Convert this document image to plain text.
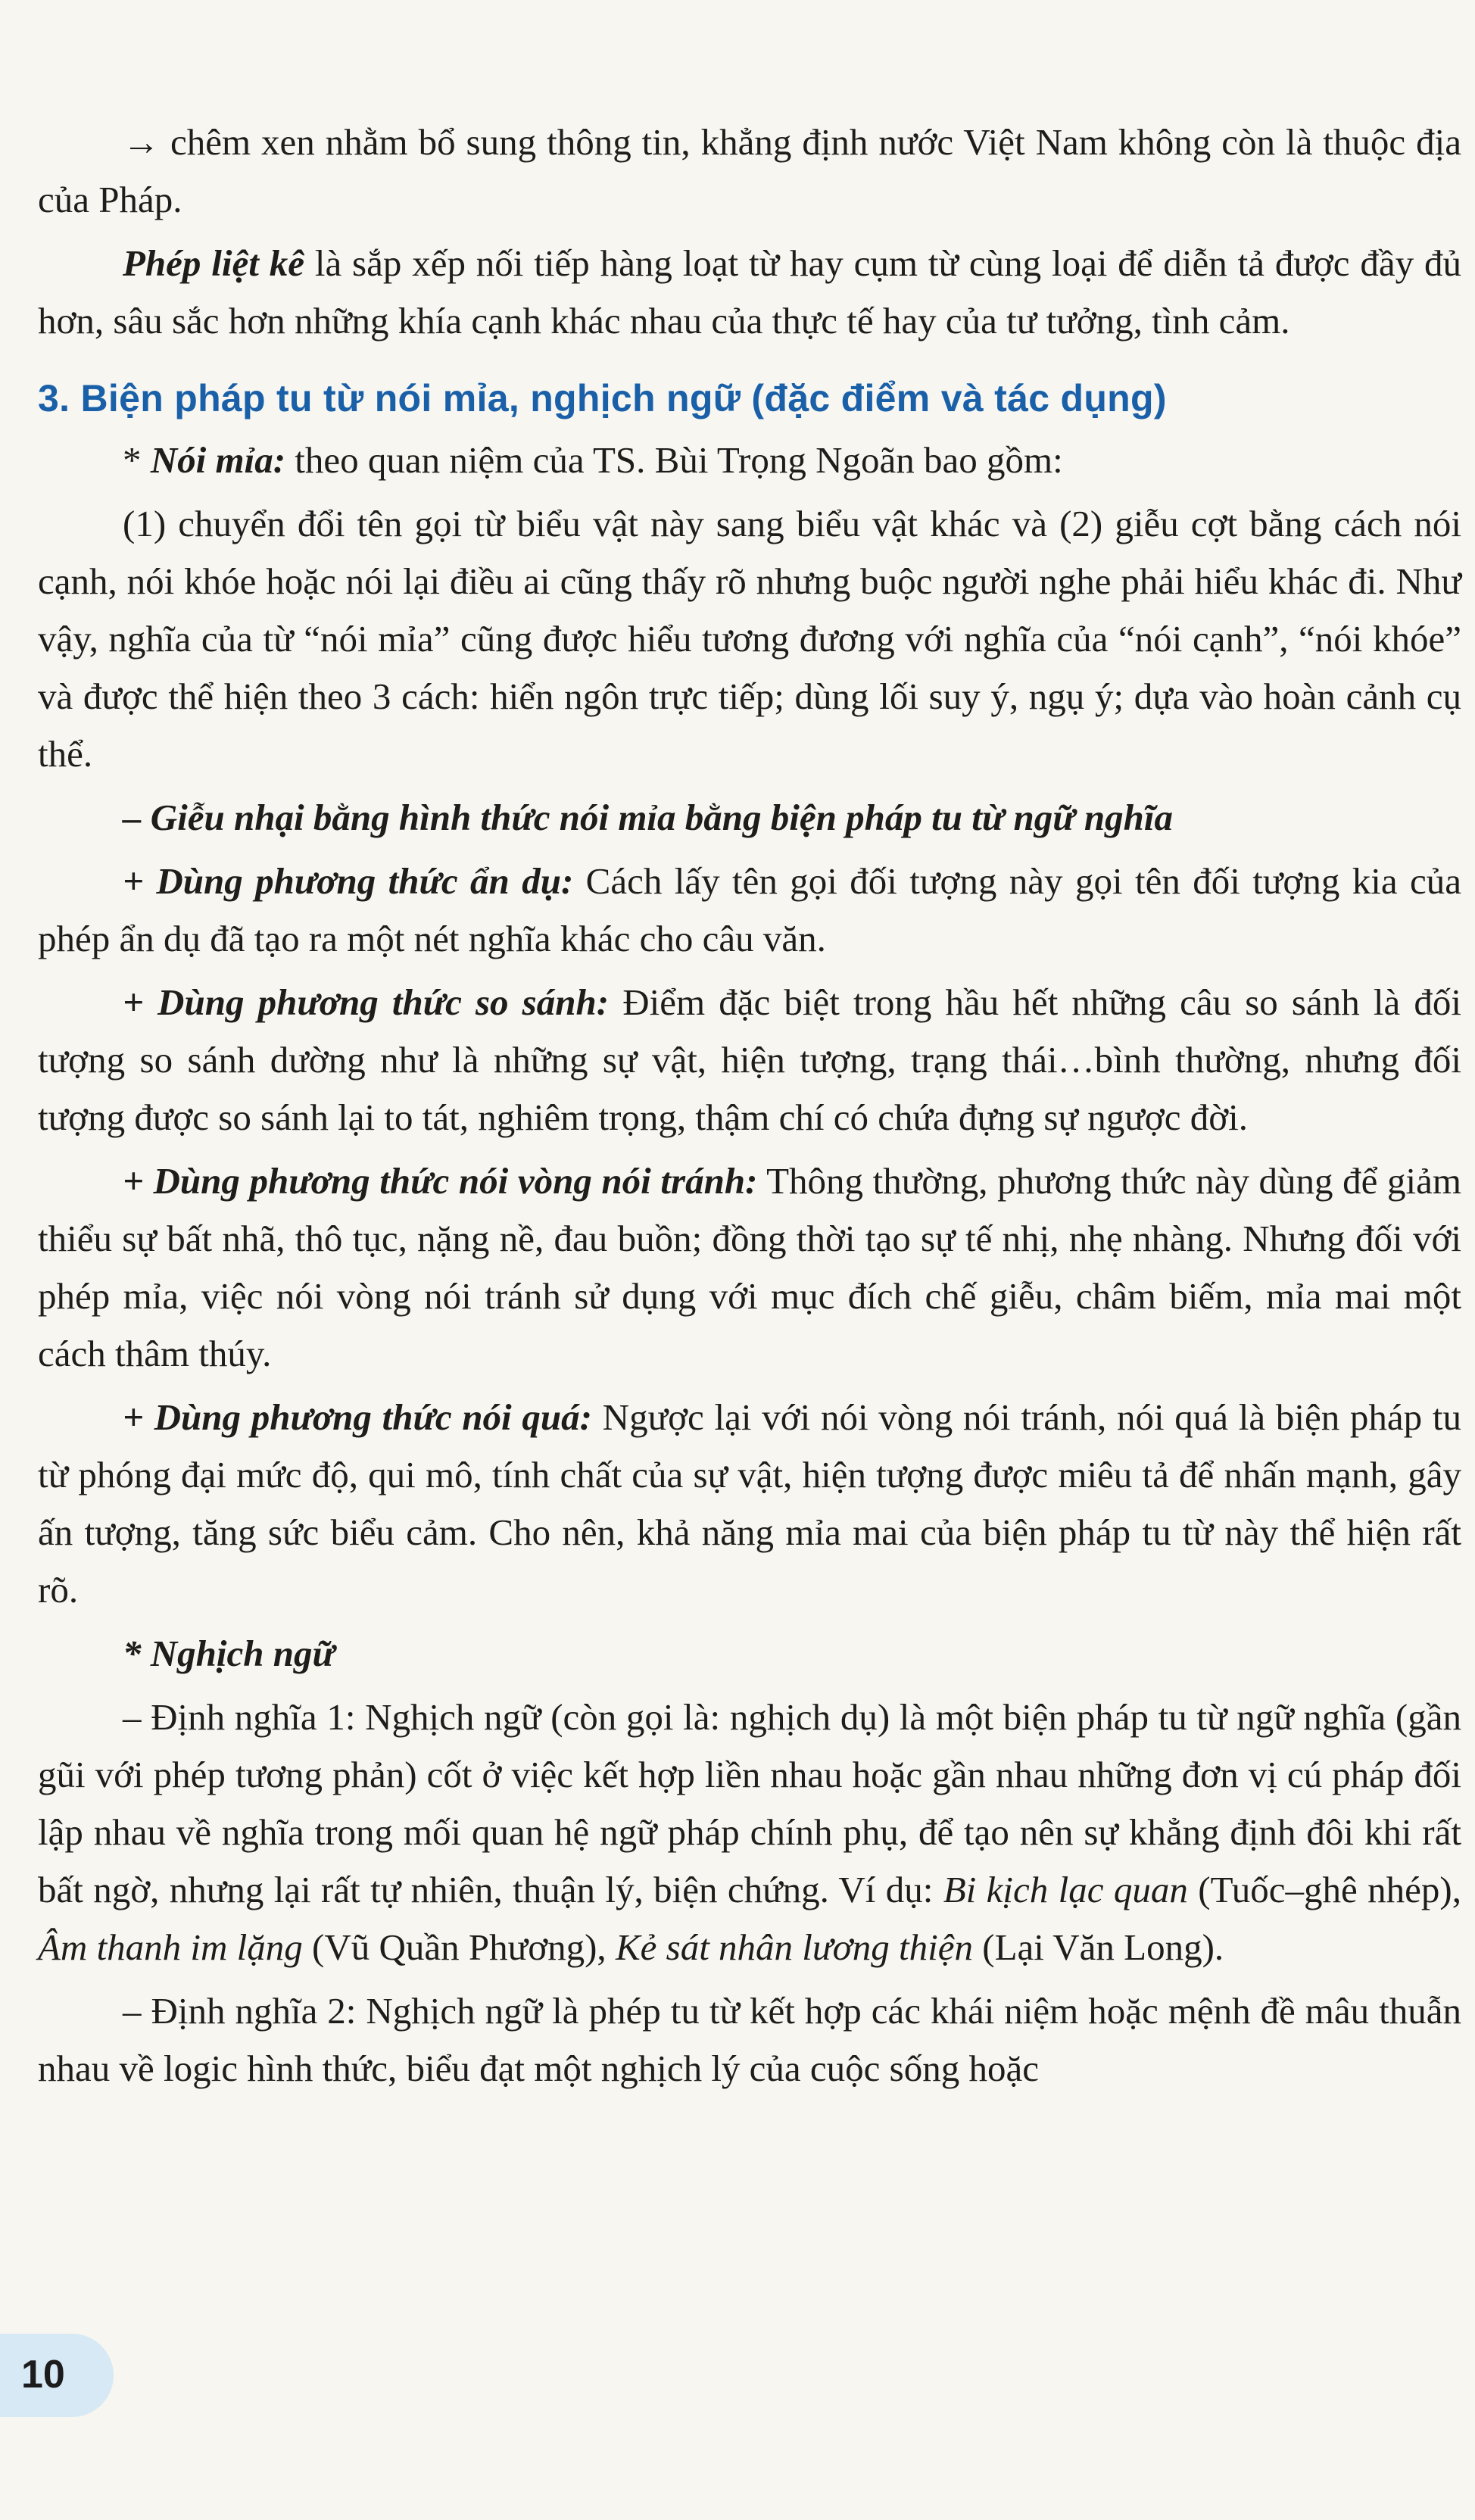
→ chêm xen nhằm bổ sung thông tin, khẳng định nước Việt Nam không còn là thuộc địa của Pháp.

Phép liệt kê là sắp xếp nối tiếp hàng loạt từ hay cụm từ cùng loại để diễn tả được đầy đủ hơn, sâu sắc hơn những khía cạnh khác nhau của thực tế hay của tư tưởng, tình cảm.

3. Biện pháp tu từ nói mỉa, nghịch ngữ (đặc điểm và tác dụng)

* Nói mỉa: theo quan niệm của TS. Bùi Trọng Ngoãn bao gồm:

(1) chuyển đổi tên gọi từ biểu vật này sang biểu vật khác và (2) giễu cợt bằng cách nói cạnh, nói khóe hoặc nói lại điều ai cũng thấy rõ nhưng buộc người nghe phải hiểu khác đi. Như vậy, nghĩa của từ “nói mỉa” cũng được hiểu tương đương với nghĩa của “nói cạnh”, “nói khóe” và được thể hiện theo 3 cách: hiển ngôn trực tiếp; dùng lối suy ý, ngụ ý; dựa vào hoàn cảnh cụ thể.

– Giễu nhại bằng hình thức nói mỉa bằng biện pháp tu từ ngữ nghĩa

+ Dùng phương thức ẩn dụ: Cách lấy tên gọi đối tượng này gọi tên đối tượng kia của phép ẩn dụ đã tạo ra một nét nghĩa khác cho câu văn.

+ Dùng phương thức so sánh: Điểm đặc biệt trong hầu hết những câu so sánh là đối tượng so sánh dường như là những sự vật, hiện tượng, trạng thái…bình thường, nhưng đối tượng được so sánh lại to tát, nghiêm trọng, thậm chí có chứa đựng sự ngược đời.

+ Dùng phương thức nói vòng nói tránh: Thông thường, phương thức này dùng để giảm thiểu sự bất nhã, thô tục, nặng nề, đau buồn; đồng thời tạo sự tế nhị, nhẹ nhàng. Nhưng đối với phép mỉa, việc nói vòng nói tránh sử dụng với mục đích chế giễu, châm biếm, mỉa mai một cách thâm thúy.

+ Dùng phương thức nói quá: Ngược lại với nói vòng nói tránh, nói quá là biện pháp tu từ phóng đại mức độ, qui mô, tính chất của sự vật, hiện tượng được miêu tả để nhấn mạnh, gây ấn tượng, tăng sức biểu cảm. Cho nên, khả năng mỉa mai của biện pháp tu từ này thể hiện rất rõ.

* Nghịch ngữ

– Định nghĩa 1: Nghịch ngữ (còn gọi là: nghịch dụ) là một biện pháp tu từ ngữ nghĩa (gần gũi với phép tương phản) cốt ở việc kết hợp liền nhau hoặc gần nhau những đơn vị cú pháp đối lập nhau về nghĩa trong mối quan hệ ngữ pháp chính phụ, để tạo nên sự khẳng định đôi khi rất bất ngờ, nhưng lại rất tự nhiên, thuận lý, biện chứng. Ví dụ: Bi kịch lạc quan (Tuốc–ghê nhép), Âm thanh im lặng (Vũ Quần Phương), Kẻ sát nhân lương thiện (Lại Văn Long).

– Định nghĩa 2: Nghịch ngữ là phép tu từ kết hợp các khái niệm hoặc mệnh đề mâu thuẫn nhau về logic hình thức, biểu đạt một nghịch lý của cuộc sống hoặc

10
